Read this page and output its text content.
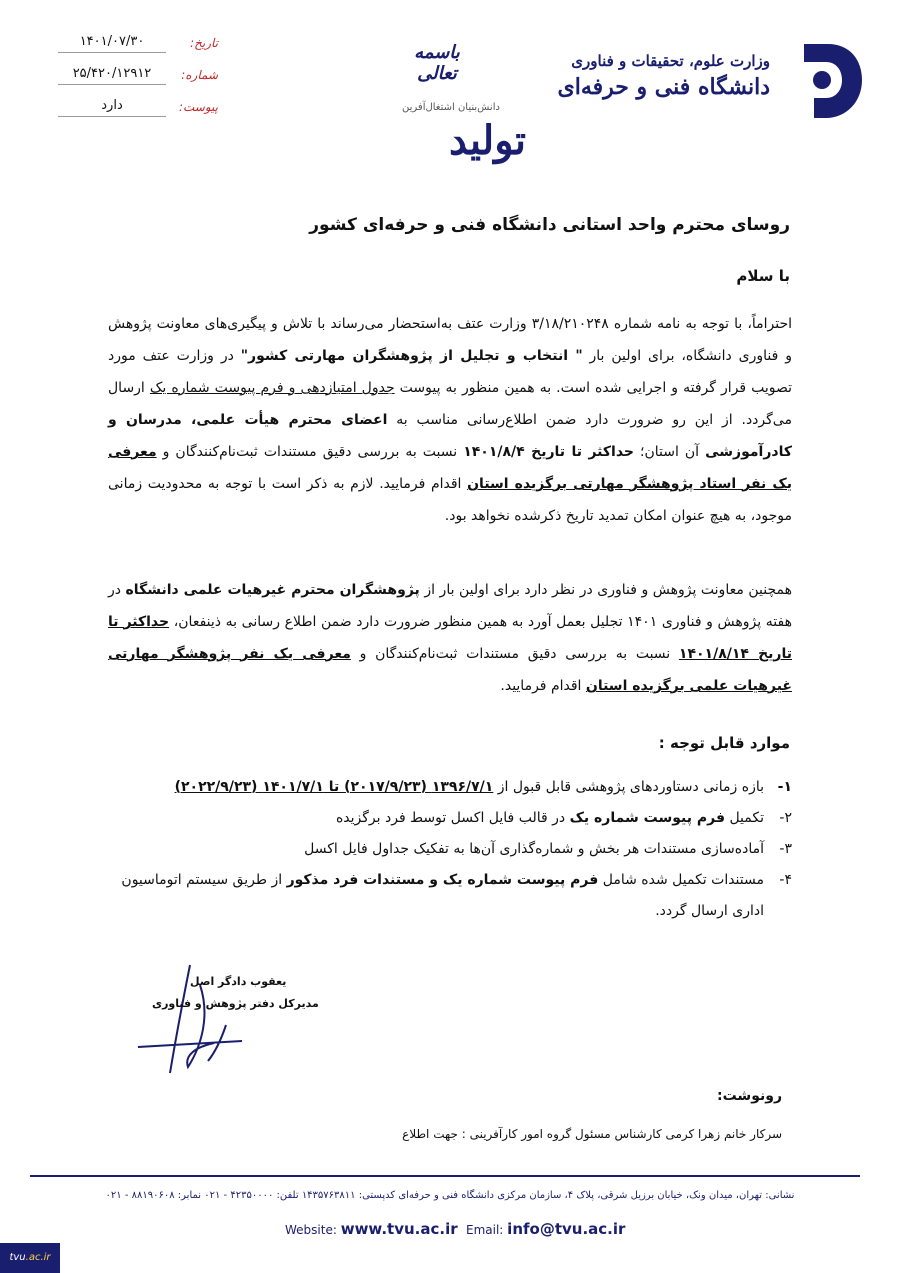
وزارت علوم، تحقیقات و فناوری
دانشگاه فنی و حرفه‌ای
باسمه تعالی
دانش‌بنیان اشتغال‌آفرین
تولید
تاریخ:
۱۴۰۱/۰۷/۳۰
شماره:
۲۵/۴۲۰/۱۲۹۱۲
پیوست:
دارد
روسای محترم واحد استانی دانشگاه فنی و حرفه‌ای کشور
با سلام
احتراماً، با توجه به نامه شماره ۳/۱۸/۲۱۰۲۴۸ وزارت عتف به‌استحضار می‌رساند با تلاش و پیگیری‌های معاونت پژوهش و فناوری دانشگاه، برای اولین بار " انتخاب و تجلیل از پژوهشگران مهارتی کشور" در وزارت عتف مورد تصویب قرار گرفته و اجرایی شده است. به همین منظور به پیوست جدول امتیازدهی و فرم پیوست شماره یک ارسال می‌گردد. از این رو ضرورت دارد ضمن اطلاع‌رسانی مناسب به اعضای محترم هیأت علمی، مدرسان و کادرآموزشی آن استان؛ حداکثر تا تاریخ ۱۴۰۱/۸/۴ نسبت به بررسی دقیق مستندات ثبت‌نام‌کنندگان و معرفی یک نفر استاد پژوهشگر مهارتی برگزیده استان اقدام فرمایید. لازم به ذکر است با توجه به محدودیت زمانی موجود، به هیچ عنوان امکان تمدید تاریخ ذکرشده نخواهد بود.
همچنین معاونت پژوهش و فناوری در نظر دارد برای اولین بار از پژوهشگران محترم غیرهیات علمی دانشگاه در هفته پژوهش و فناوری ۱۴۰۱ تجلیل بعمل آورد به همین منظور ضرورت دارد ضمن اطلاع رسانی به ذینفعان، حداکثر تا تاریخ ۱۴۰۱/۸/۱۴ نسبت به بررسی دقیق مستندات ثبت‌نام‌کنندگان و معرفی یک نفر پژوهشگر مهارتی غیرهیات علمی برگزیده استان اقدام فرمایید.
موارد قابل توجه :
۱-
بازه زمانی دستاوردهای پژوهشی قابل قبول از ۱۳۹۶/۷/۱ (۲۰۱۷/۹/۲۳) تا ۱۴۰۱/۷/۱ (۲۰۲۲/۹/۲۳)
۲-
تکمیل فرم پیوست شماره یک در قالب فایل اکسل توسط فرد برگزیده
۳-
آماده‌سازی مستندات هر بخش و شماره‌گذاری آن‌ها به تفکیک جداول فایل اکسل
۴-
مستندات تکمیل شده شامل فرم پیوست شماره یک و مستندات فرد مذکور از طریق سیستم اتوماسیون اداری ارسال گردد.
یعقوب دادگر اصل
مدیرکل دفتر پژوهش و فناوری
رونوشت:
سرکار خانم زهرا کرمی کارشناس مسئول گروه امور کارآفرینی : جهت اطلاع
نشانی: تهران، میدان ونک، خیابان برزیل شرقی، پلاک ۴، سازمان مرکزی دانشگاه فنی و حرفه‌ای کدپستی: ۱۴۳۵۷۶۳۸۱۱ تلفن: ۴۲۳۵۰۰۰۰ - ۰۲۱ نمابر: ۸۸۱۹۰۶۰۸ - ۰۲۱
Website: www.tvu.ac.ir Email: info@tvu.ac.ir
tvu.ac.ir
